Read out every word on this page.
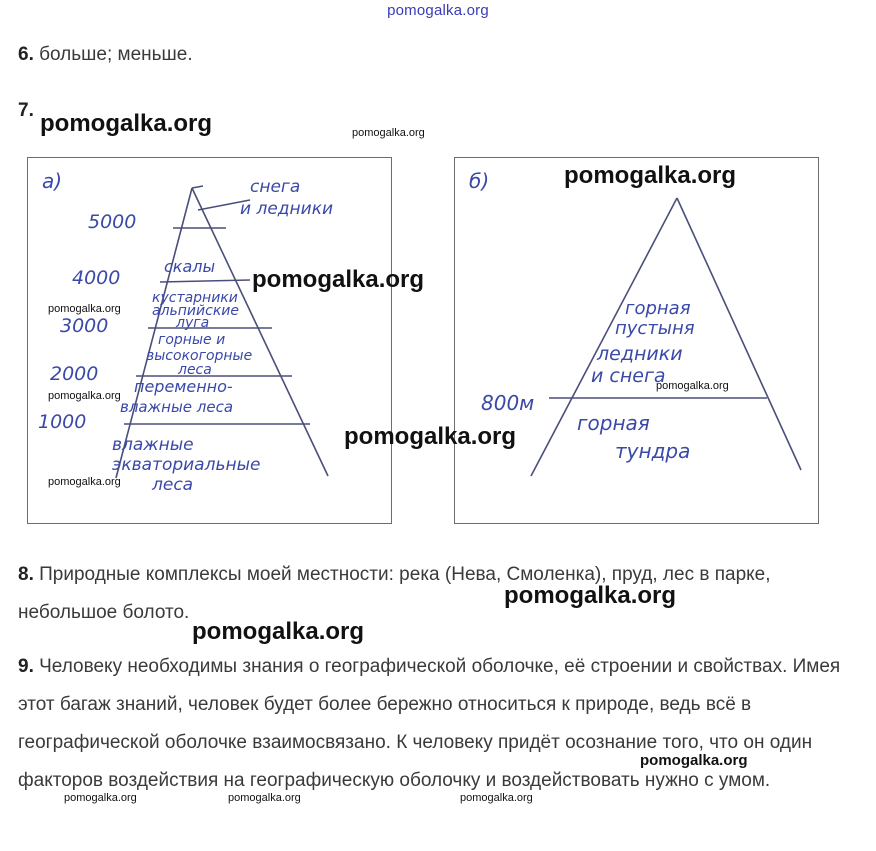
pomogalka.org
6. больше; меньше.
7.
а)
5000
4000
3000
2000
1000
снега
и ледники
скалы
кустарники
альпийские
луга
горные и
высокогорные
леса
переменно-
влажные леса
влажные
экваториальные
леса
б)
800м
горная
пустыня
ледники
и снега
горная
тундра
8. Природные комплексы моей местности: река (Нева, Смоленка), пруд, лес в парке, небольшое болото.
9. Человеку необходимы знания о географической оболочке, её строении и свойствах. Имея этот багаж знаний, человек будет более бережно относиться к природе, ведь всё в географической оболочке взаимосвязано. К человеку придёт осознание того, что он один факторов воздействия на географическую оболочку и воздействовать нужно с умом.
pomogalka.org	pomogalka.org
pomogalka.org
pomogalka.org
pomogalka.org
pomogalka.org
pomogalka.org
pomogalka.org
pomogalka.org
pomogalka.org
pomogalka.org
pomogalka.org
pomogalka.org	pomogalka.org	pomogalka.org
